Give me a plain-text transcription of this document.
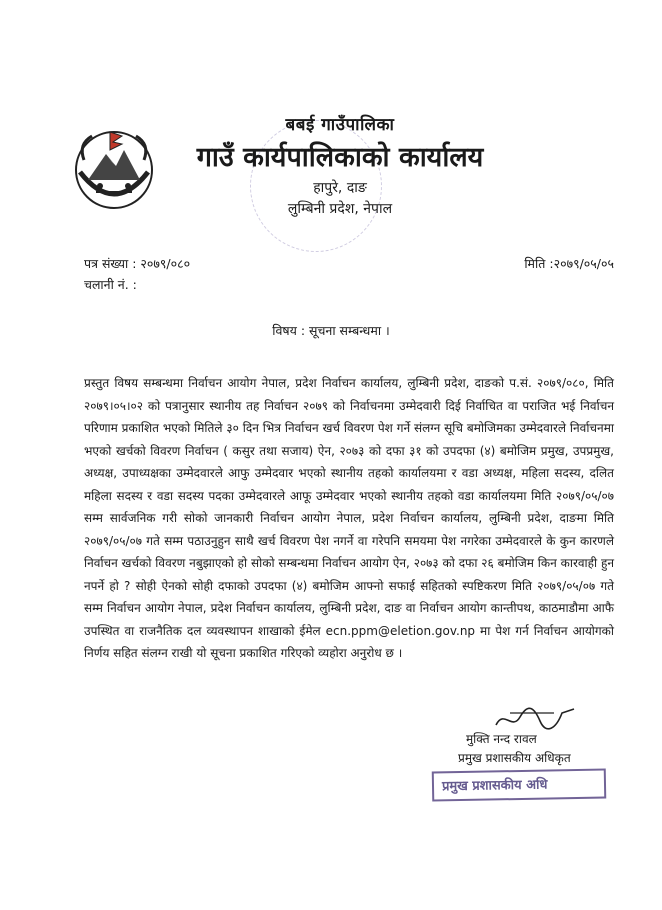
बबई गाउँपालिका
गाउँ कार्यपालिकाको कार्यालय
हापुरे, दाङ
लुम्बिनी प्रदेश, नेपाल
पत्र संख्या : २०७९/०८०
चलानी नं. :
मिति :२०७९/०५/०५
विषय : सूचना सम्बन्धमा ।
प्रस्तुत विषय सम्बन्धमा निर्वाचन आयोग नेपाल, प्रदेश निर्वाचन कार्यालय, लुम्बिनी प्रदेश, दाङको प.सं. २०७९/०८०, मिति २०७९।०५।०२ को पत्रानुसार स्थानीय तह निर्वाचन २०७९ को निर्वाचनमा उम्मेदवारी दिई निर्वाचित वा पराजित भई निर्वाचन परिणाम प्रकाशित भएको मितिले ३० दिन भित्र निर्वाचन खर्च विवरण पेश गर्ने संलग्न सूचि बमोजिमका उम्मेदवारले निर्वाचनमा भएको खर्चको विवरण निर्वाचन ( कसुर तथा सजाय) ऐन, २०७३ को दफा ३१ को उपदफा (४) बमोजिम प्रमुख, उपप्रमुख, अध्यक्ष, उपाध्यक्षका उम्मेदवारले आफु उम्मेदवार भएको स्थानीय तहको कार्यालयमा र वडा अध्यक्ष, महिला सदस्य, दलित महिला सदस्य र वडा सदस्य पदका उम्मेदवारले आफू उम्मेदवार भएको स्थानीय तहको वडा कार्यालयमा मिति २०७९/०५/०७ सम्म सार्वजनिक गरी सोको जानकारी निर्वाचन आयोग नेपाल, प्रदेश निर्वाचन कार्यालय, लुम्बिनी प्रदेश, दाङमा मिति २०७९/०५/०७ गते सम्म पठाउनुहुन साथै खर्च विवरण पेश नगर्ने वा गरेपनि समयमा पेश नगरेका उम्मेदवारले के कुन कारणले निर्वाचन खर्चको विवरण नबुझाएको हो सोको सम्बन्धमा निर्वाचन आयोग ऐन, २०७३ को दफा २६ बमोजिम किन कारवाही हुन नपर्ने हो ? सोही ऐनको सोही दफाको उपदफा (४) बमोजिम आफ्नो सफाई सहितको स्पष्टिकरण मिति २०७९/०५/०७ गते सम्म निर्वाचन आयोग नेपाल, प्रदेश निर्वाचन कार्यालय, लुम्बिनी प्रदेश, दाङ वा निर्वाचन आयोग कान्तीपथ, काठमाडौमा आफै उपस्थित वा राजनैतिक दल व्यवस्थापन शाखाको ईमेल ecn.ppm@eletion.gov.np मा पेश गर्न निर्वाचन आयोगको निर्णय सहित संलग्न राखी यो सूचना प्रकाशित गरिएको व्यहोरा अनुरोध छ ।
मुक्ति नन्द रावल
प्रमुख प्रशासकीय अधिकृत
प्रमुख प्रशासकीय अधि
